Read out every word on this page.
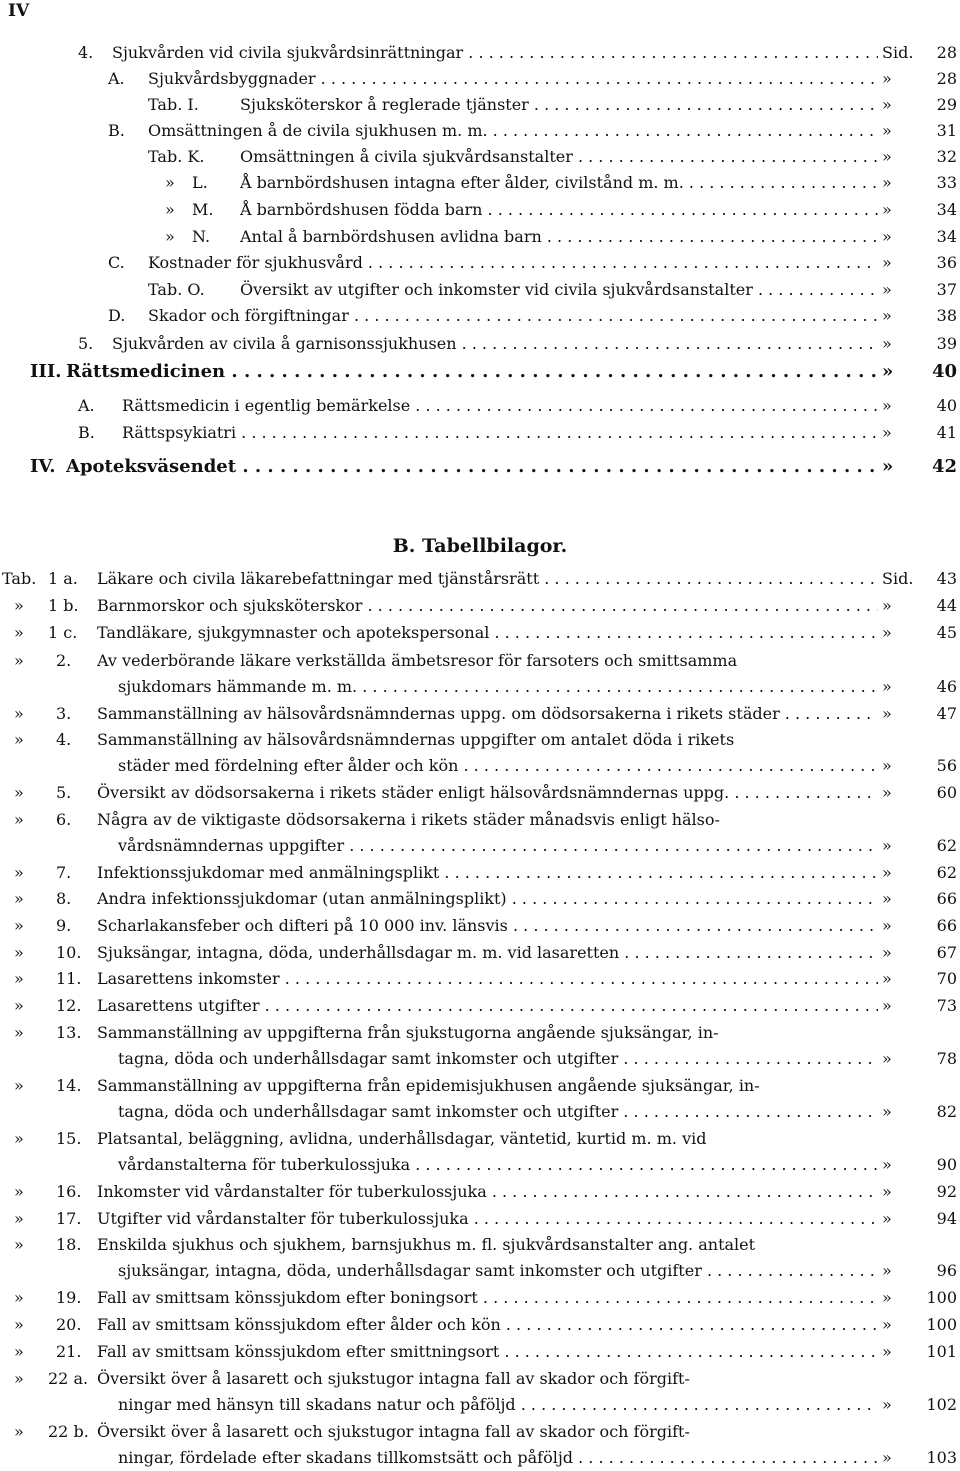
IV
4. Sjukvården vid civila sjukvårdsinrättningar . . .	Sid. 28
A. Sjukvårdsbyggnader . . .	»	28
Tab. I.	Sjuksköterskor å reglerade tjänster . . .	»	29
B. Omsättningen å de civila sjukhusen m. m. . . .	»	31
Tab. K. Omsättningen å civila sjukvårdsanstalter . . .	»	32
» L. Å barnbördshusen intagna efter ålder, civilstånd m. m. . . .	»	33
» M. Å barnbördshusen födda barn . . .	»	34
» N. Antal å barnbördshusen avlidna barn . . .	»	34
C. Kostnader för sjukhusvård . . .	»	36
Tab. O. Översikt av utgifter och inkomster vid civila sjukvårdsanstalter . . .	»	37
D. Skador och förgiftningar . . .	»	38
5. Sjukvården av civila å garnisonssjukhusen . . .	»	39
III. Rättsmedicinen . . .	» 40
A. Rättsmedicin i egentlig bemärkelse . . .	»	40
B. Rättspsykiatri . . .	»	41
IV. Apoteksväsendet . . .	» 42
B. Tabellbilagor.
Tab. 1 a. Läkare och civila läkarebefattningar med tjänstårsrätt . . .	Sid. 43
» 1 b. Barnmorskor och sjuksköterskor . . .	»	44
» 1 c. Tandläkare, sjukgymnaster och apotekspersonal . . .	»	45
» 2. Av vederbörande läkare verkställda ämbetsresor för farsoters och smittsamma
sjukdomars hämmande m. m. . . .	»	46
» 3. Sammanställning av hälsovårdsnämndernas uppg. om dödsorsakerna i rikets städer . . .	»	47
» 4. Sammanställning av hälsovårdsnämndernas uppgifter om antalet döda i rikets
städer med fördelning efter ålder och kön . . .	»	56
» 5. Översikt av dödsorsakerna i rikets städer enligt hälsovårdsnämndernas uppg. . . .	»	60
» 6. Några av de viktigaste dödsorsakerna i rikets städer månadsvis enligt hälso-
vårdsnämndernas uppgifter . . .	»	62
» 7. Infektionssjukdomar med anmälningsplikt . . .	»	62
» 8. Andra infektionssjukdomar (utan anmälningsplikt) . . .	»	66
» 9. Scharlakansfeber och difteri på 10 000 inv. länsvis . . .	»	66
» 10. Sjuksängar, intagna, döda, underhållsdagar m. m. vid lasaretten . . .	»	67
» 11. Lasarettens inkomster . . .	»	70
» 12. Lasarettens utgifter . . .	»	73
» 13. Sammanställning av uppgifterna från sjukstugorna angående sjuksängar, in-
tagna, döda och underhållsdagar samt inkomster och utgifter . . .	»	78
» 14. Sammanställning av uppgifterna från epidemisjukhusen angående sjuksängar, in-
tagna, döda och underhållsdagar samt inkomster och utgifter . . .	»	82
» 15. Platsantal, beläggning, avlidna, underhållsdagar, väntetid, kurtid m. m. vid
vårdanstalterna för tuberkulossjuka . . .	»	90
» 16. Inkomster vid vårdanstalter för tuberkulossjuka . . .	»	92
» 17. Utgifter vid vårdanstalter för tuberkulossjuka . . .	»	94
» 18. Enskilda sjukhus och sjukhem, barnsjukhus m. fl. sjukvårdsanstalter ang. antalet
sjuksängar, intagna, döda, underhållsdagar samt inkomster och utgifter . . .	»	96
» 19. Fall av smittsam könssjukdom efter boningsort . . .	» 100
» 20. Fall av smittsam könssjukdom efter ålder och kön . . .	» 100
» 21. Fall av smittsam könssjukdom efter smittningsort . . .	» 101
» 22 a. Översikt över å lasarett och sjukstugor intagna fall av skador och förgift-
ningar med hänsyn till skadans natur och påföljd . . .	» 102
» 22 b. Översikt över å lasarett och sjukstugor intagna fall av skador och förgift-
ningar, fördelade efter skadans tillkomstsätt och påföljd . . .	» 103
